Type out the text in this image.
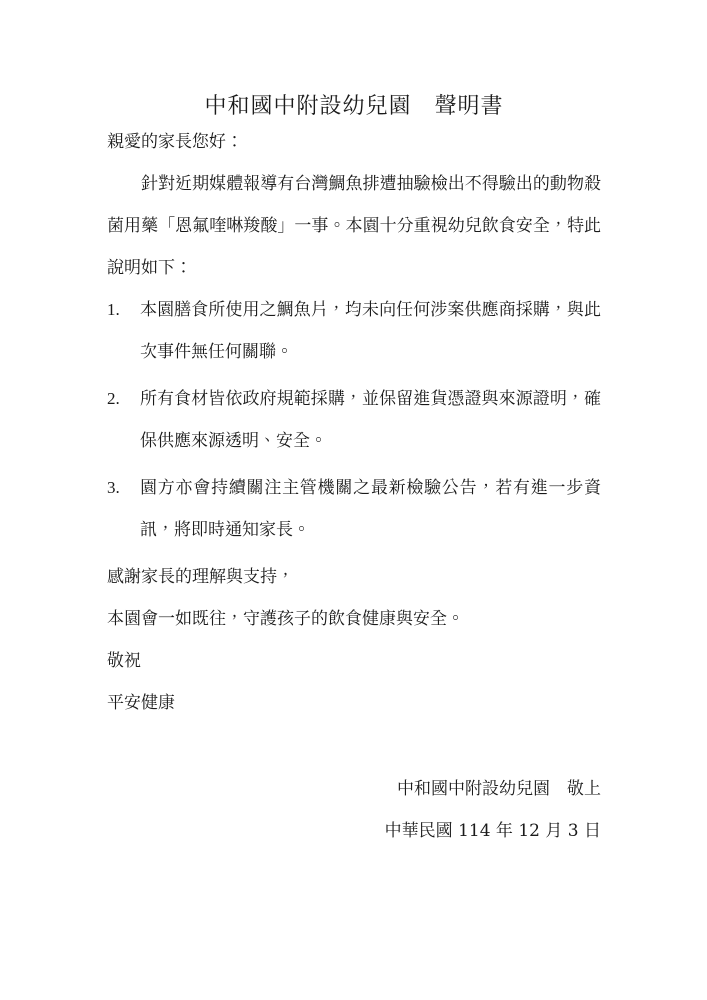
中和國中附設幼兒園　聲明書

親愛的家長您好：

針對近期媒體報導有台灣鯛魚排遭抽驗檢出不得驗出的動物殺菌用藥「恩氟喹啉羧酸」一事。本園十分重視幼兒飲食安全，特此說明如下：

1. 本園膳食所使用之鯛魚片，均未向任何涉案供應商採購，與此次事件無任何關聯。
2. 所有食材皆依政府規範採購，並保留進貨憑證與來源證明，確保供應來源透明、安全。
3. 園方亦會持續關注主管機關之最新檢驗公告，若有進一步資訊，將即時通知家長。

感謝家長的理解與支持，

本園會一如既往，守護孩子的飲食健康與安全。

敬祝

平安健康

中和國中附設幼兒園　敬上

中華民國 114 年 12 月 3 日
